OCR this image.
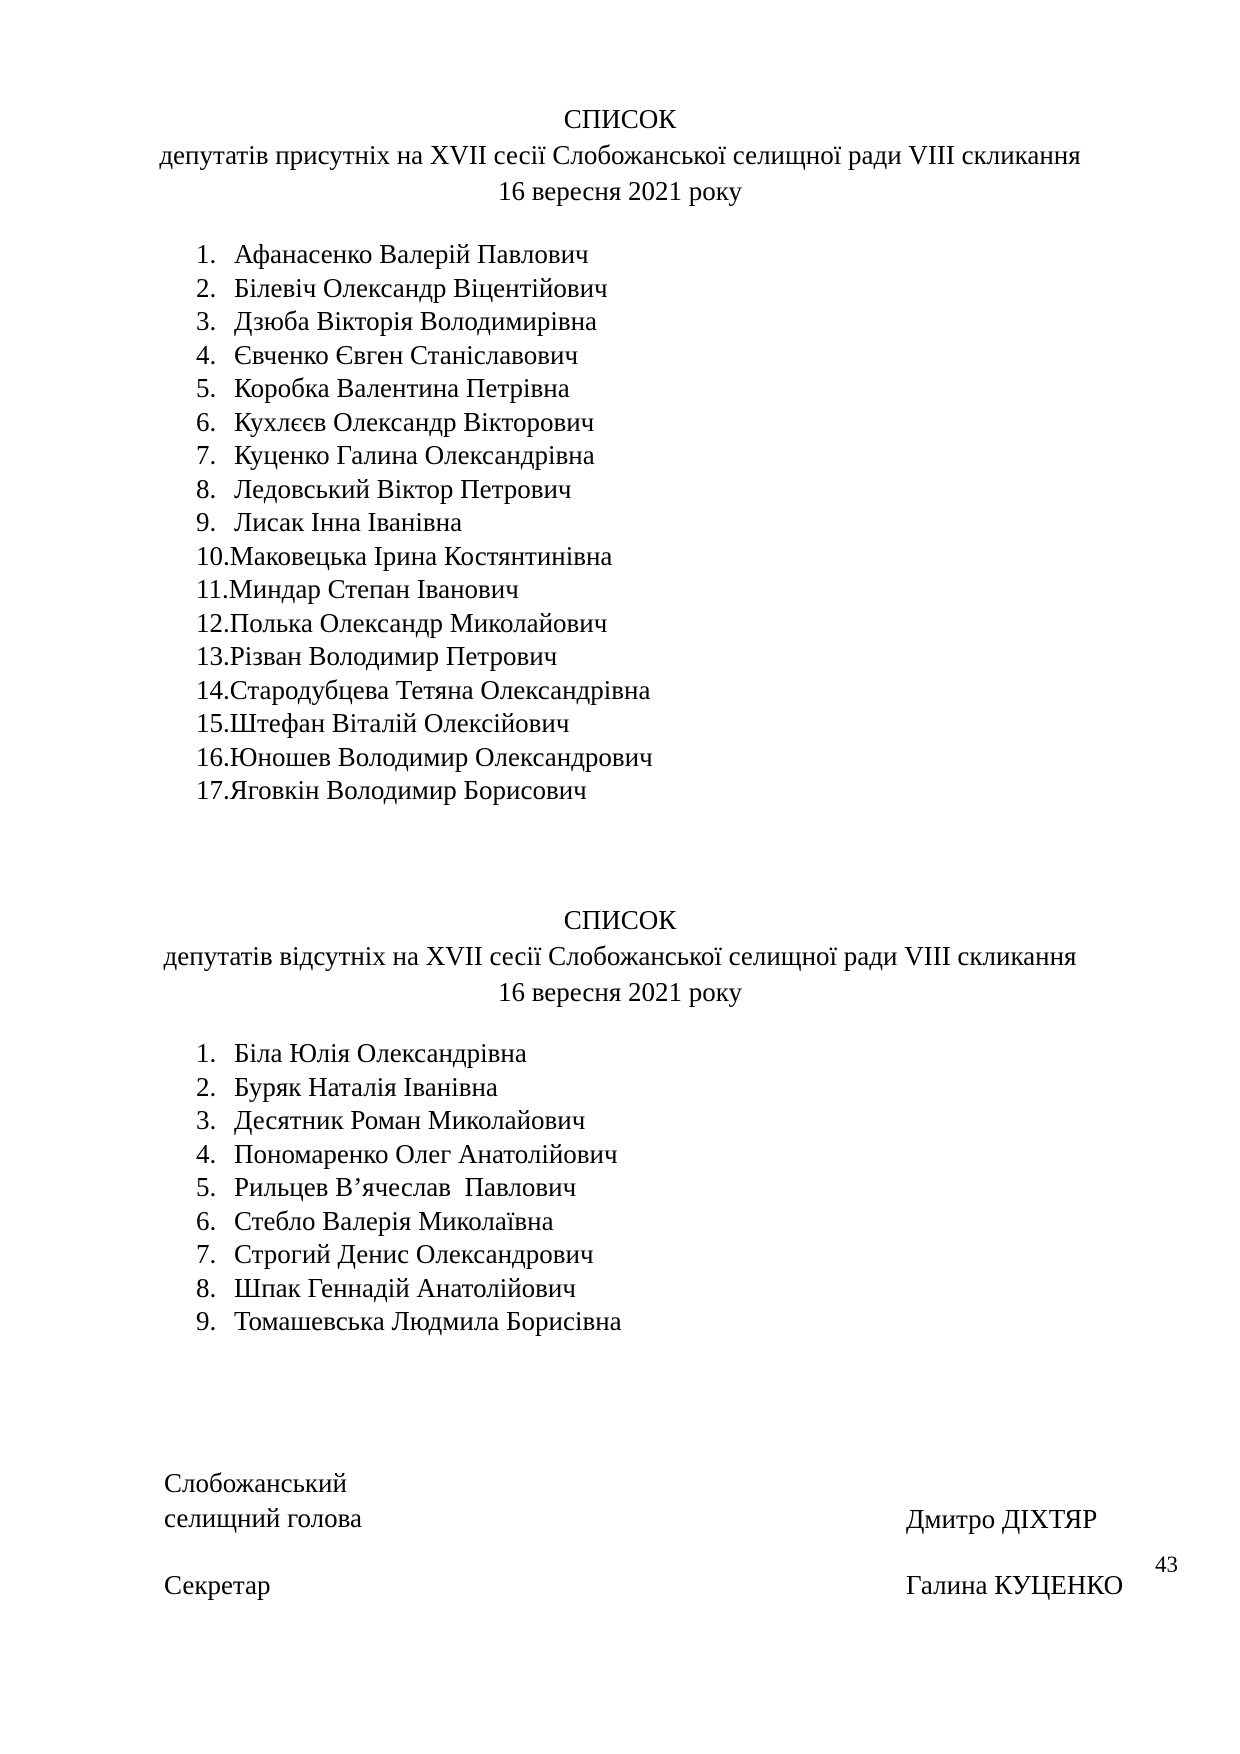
СПИСОК
депутатів присутніх на XVII сесії Слобожанської селищної ради VIII скликання
16 вересня 2021 року
1. Афанасенко Валерій Павлович
2. Білевіч Олександр Віцентійович
3. Дзюба Вікторія Володимирівна
4. Євченко Євген Станіславович
5. Коробка Валентина Петрівна
6. Кухлєєв Олександр Вікторович
7. Куценко Галина Олександрівна
8. Ледовський Віктор Петрович
9. Лисак Інна Іванівна
10.Маковецька Ірина Костянтинівна
11.Миндар Степан Іванович
12.Полька Олександр Миколайович
13.Різван Володимир Петрович
14.Стародубцева Тетяна Олександрівна
15.Штефан Віталій Олексійович
16.Юношев Володимир Олександрович
17.Яговкін Володимир Борисович
СПИСОК
депутатів відсутніх на XVII сесії Слобожанської селищної ради VIII скликання
16 вересня 2021 року
1. Біла Юлія Олександрівна
2. Буряк Наталія Іванівна
3. Десятник Роман Миколайович
4. Пономаренко Олег Анатолійович
5. Рильцев В’ячеслав  Павлович
6. Стебло Валерія Миколаївна
7. Строгий Денис Олександрович
8. Шпак Геннадій Анатолійович
9. Томашевська Людмила Борисівна
Слобожанський
селищний голова	Дмитро ДІХТЯР
Секретар	Галина КУЦЕНКО
43
